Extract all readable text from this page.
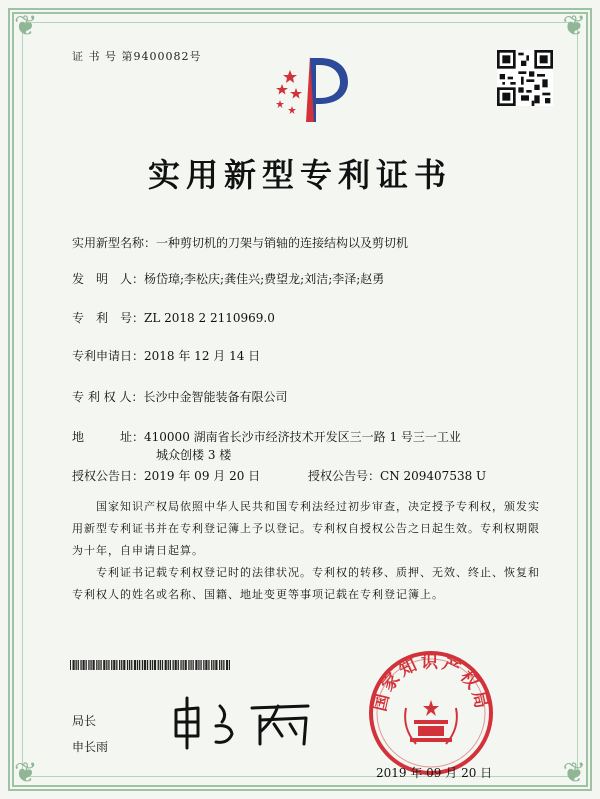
❦	❦
❦	❦
证 书 号 第9400082号
实用新型专利证书
实用新型名称：一种剪切机的刀架与销轴的连接结构以及剪切机
发　明　人：杨岱璋;李松庆;龚佳兴;费望龙;刘洁;李泽;赵勇
专　利　号：ZL 2018 2 2110969.0
专利申请日：2018 年 12 月 14 日
专 利 权 人：长沙中金智能装备有限公司
地　　　址：410000 湖南省长沙市经济技术开发区三一路 1 号三一工业
城众创楼 3 楼
授权公告日：2019 年 09 月 20 日	授权公告号：CN 209407538 U
国家知识产权局依照中华人民共和国专利法经过初步审查，决定授予专利权，颁发实用新型专利证书并在专利登记簿上予以登记。专利权自授权公告之日起生效。专利权期限为十年，自申请日起算。
专利证书记载专利权登记时的法律状况。专利权的转移、质押、无效、终止、恢复和专利权人的姓名或名称、国籍、地址变更等事项记载在专利登记簿上。
局长
申长雨
国家知识产权局
2019 年 09 月 20 日
